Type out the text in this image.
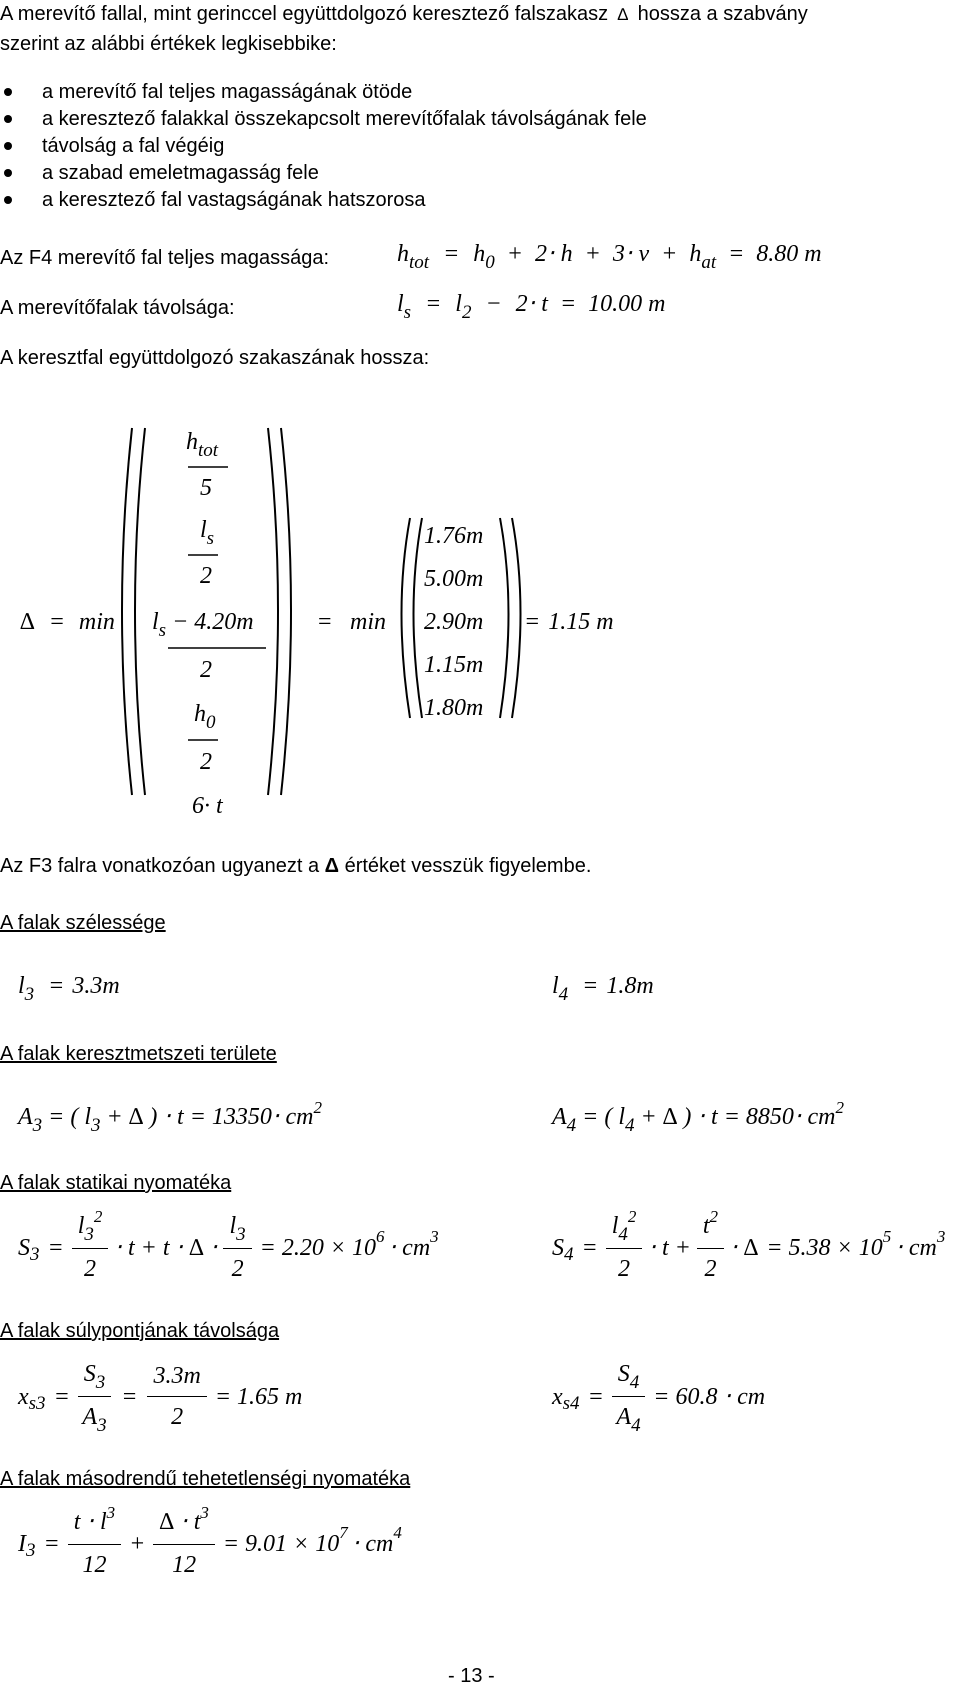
A merevítő fallal, mint gerinccel együttdolgozó keresztező falszakasz ∆ hossza a szabvány
szerint az alábbi értékek legkisebbike:
a merevítő fal teljes magasságának ötöde
a keresztező falakkal összekapcsolt merevítőfalak távolságának fele
távolság a fal végéig
a szabad emeletmagasság fele
a keresztező fal vastagságának hatszorosa
Az F4 merevítő fal teljes magassága:	$h_{tot} = h_0 + 2\cdot h + 3\cdot v + h_{at} = 8.80$ m
A merevítőfalak távolsága:	$l_s = l_2 - 2\cdot t = 10.00$ m
A keresztfal együttdolgozó szakaszának hossza:
∆ = min
$h_{tot}$
5
$l_s$
2
$l_s - 4.20m$
2
$h_0$
2
6· t
= min
1.76m
5.00m
2.90m
1.15m
1.80m
= 1.15 m
Az F3 falra vonatkozóan ugyanezt a Δ értéket vesszük figyelembe.
A falak szélessége
$l_3 = 3.3m$	$l_4 = 1.8m$
A falak keresztmetszeti területe
$A_3$ = ( $l_3$ + ∆ ) ⋅ $t = 13350\cdot cm^2$	$A_4$ = ( $l_4$ + ∆ ) ⋅ $t = 8850\cdot cm^2$
A falak statikai nyomatéka
S $3 = \frac{l_3^2}{2} \cdot t + t$ ⋅ ∆ ⋅ $\frac{l_3}{2} = 2.20 \times 10$ 6 ⋅ cm 3	S $4 = \frac{l_4^2}{2} \cdot t + \frac{t^2}{2}$ ⋅ ∆ = 5.38 × 10 5 ⋅ cm 3
A falak súlypontjának távolsága
x $s3 = \frac{S_3}{A_3} = \frac{3.3m}{2} = 1.65$ m	x $s4 = \frac{S_4}{A_4} = 60.8$ ⋅ cm
A falak másodrendű tehetetlenségi nyomatéka
I $3 = \frac{t \cdot l^3}{12} + \frac{\Delta \cdot t^3}{12} = 9.01 \times 10$ 7 ⋅ cm 4
- 13 -
